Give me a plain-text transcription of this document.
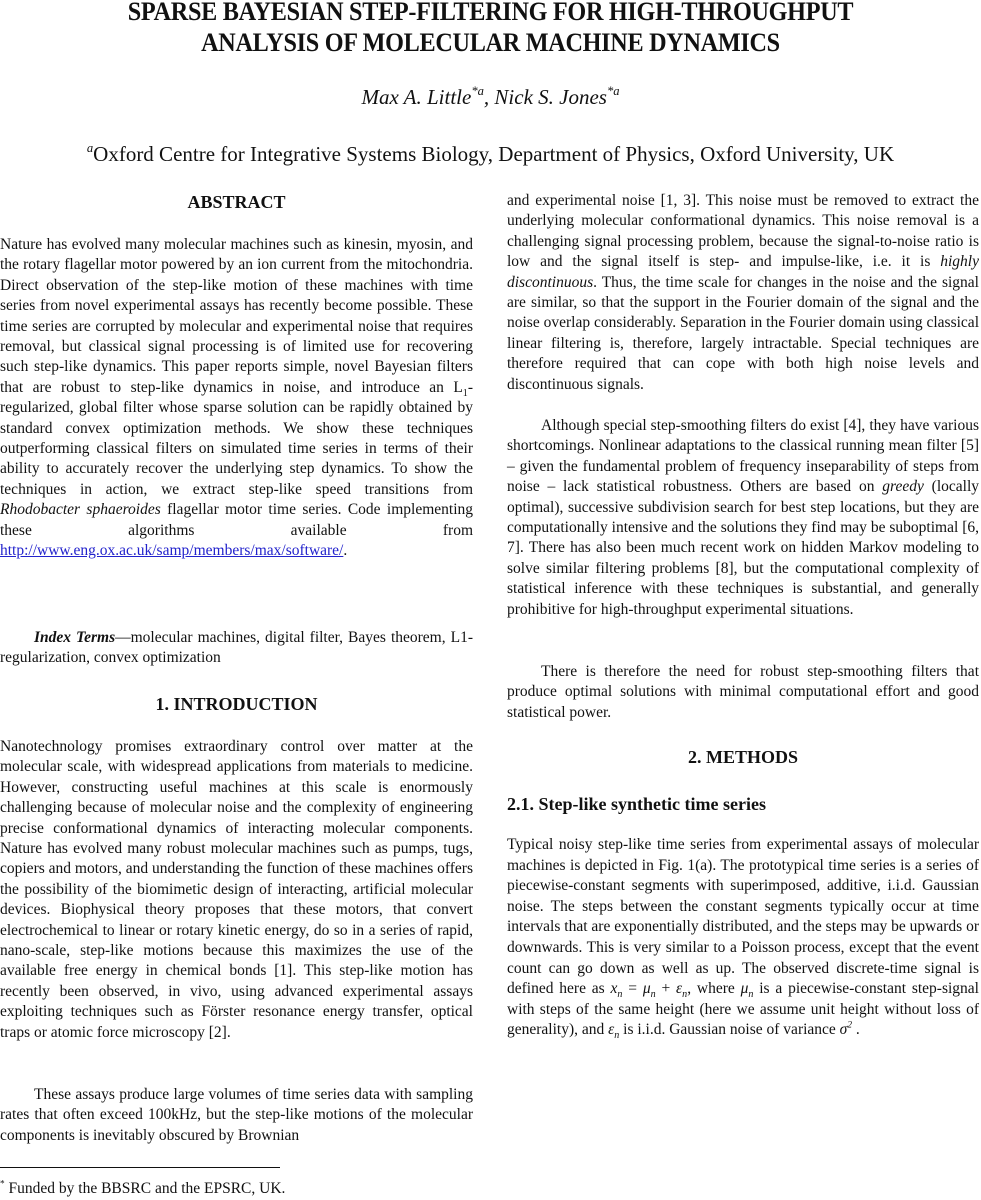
SPARSE BAYESIAN STEP-FILTERING FOR HIGH-THROUGHPUT
ANALYSIS OF MOLECULAR MACHINE DYNAMICS
Max A. Little$^{*a}$, Nick S. Jones$^{*a}$
$^a$Oxford Centre for Integrative Systems Biology, Department of Physics, Oxford University, UK
ABSTRACT
Nature has evolved many molecular machines such as kinesin, myosin, and the rotary flagellar motor powered by an ion current from the mitochondria. Direct observation of the step-like motion of these machines with time series from novel experimental assays has recently become possible. These time series are corrupted by molecular and experimental noise that requires removal, but classical signal processing is of limited use for recovering such step-like dynamics. This paper reports simple, novel Bayesian filters that are robust to step-like dynamics in noise, and introduce an $L_1$-regularized, global filter whose sparse solution can be rapidly obtained by standard convex optimization methods. We show these techniques outperforming classical filters on simulated time series in terms of their ability to accurately recover the underlying step dynamics. To show the techniques in action, we extract step-like speed transitions from Rhodobacter sphaeroides flagellar motor time series. Code implementing these algorithms available from http://www.eng.ox.ac.uk/samp/members/max/software/.
Index Terms—molecular machines, digital filter, Bayes theorem, L1-regularization, convex optimization
1. INTRODUCTION
Nanotechnology promises extraordinary control over matter at the molecular scale, with widespread applications from materials to medicine. However, constructing useful machines at this scale is enormously challenging because of molecular noise and the complexity of engineering precise conformational dynamics of interacting molecular components. Nature has evolved many robust molecular machines such as pumps, tugs, copiers and motors, and understanding the function of these machines offers the possibility of the biomimetic design of interacting, artificial molecular devices. Biophysical theory proposes that these motors, that convert electrochemical to linear or rotary kinetic energy, do so in a series of rapid, nano-scale, step-like motions because this maximizes the use of the available free energy in chemical bonds [1]. This step-like motion has recently been observed, in vivo, using advanced experimental assays exploiting techniques such as Förster resonance energy transfer, optical traps or atomic force microscopy [2].
These assays produce large volumes of time series data with sampling rates that often exceed 100kHz, but the step-like motions of the molecular components is inevitably obscured by Brownian
* Funded by the BBSRC and the EPSRC, UK.
and experimental noise [1, 3]. This noise must be removed to extract the underlying molecular conformational dynamics. This noise removal is a challenging signal processing problem, because the signal-to-noise ratio is low and the signal itself is step- and impulse-like, i.e. it is highly discontinuous. Thus, the time scale for changes in the noise and the signal are similar, so that the support in the Fourier domain of the signal and the noise overlap considerably. Separation in the Fourier domain using classical linear filtering is, therefore, largely intractable. Special techniques are therefore required that can cope with both high noise levels and discontinuous signals.
Although special step-smoothing filters do exist [4], they have various shortcomings. Nonlinear adaptations to the classical running mean filter [5] – given the fundamental problem of frequency inseparability of steps from noise – lack statistical robustness. Others are based on greedy (locally optimal), successive subdivision search for best step locations, but they are computationally intensive and the solutions they find may be suboptimal [6, 7]. There has also been much recent work on hidden Markov modeling to solve similar filtering problems [8], but the computational complexity of statistical inference with these techniques is substantial, and generally prohibitive for high-throughput experimental situations.
There is therefore the need for robust step-smoothing filters that produce optimal solutions with minimal computational effort and good statistical power.
2. METHODS
2.1. Step-like synthetic time series
Typical noisy step-like time series from experimental assays of molecular machines is depicted in Fig. 1(a). The prototypical time series is a series of piecewise-constant segments with superimposed, additive, i.i.d. Gaussian noise. The steps between the constant segments typically occur at time intervals that are exponentially distributed, and the steps may be upwards or downwards. This is very similar to a Poisson process, except that the event count can go down as well as up. The observed discrete-time signal is defined here as $x_n = \mu_n + \varepsilon_n$, where $\mu_n$ is a piecewise-constant step-signal with steps of the same height (here we assume unit height without loss of generality), and $\varepsilon_n$ is i.i.d. Gaussian noise of variance $\sigma^2$ .
